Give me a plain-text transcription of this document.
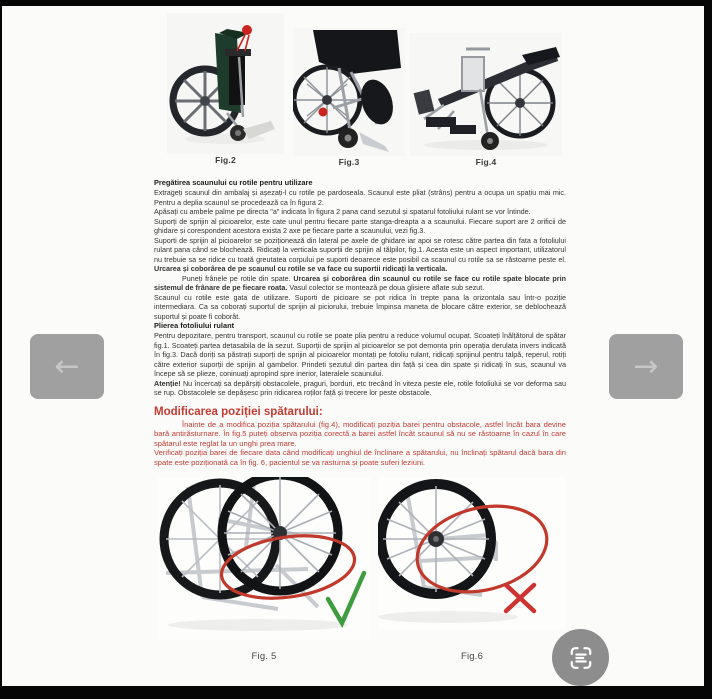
Fig.2	Fig.3	Fig.4
Pregătirea scaunului cu rotile pentru utilizare

Extrageți scaunul din ambalaj și așezați-l cu rotile pe pardoseala. Scaunul este pliat (strâns) pentru a ocupa un spațiu mai mic. Pentru a deplia scaunul se procedează ca în figura 2.

Apăsați cu ambele palme pe directa "a" indicata în figura 2 pana cand sezutul și spatarul fotoliului rulant se vor întinde.

Suporți de sprijin al picioarelor, este cate unul pentru fiecare parte stanga-dreapta a a scaunului. Fiecare suport are 2 orificii de ghidare și corespondent acestora exista 2 axe pe fiecare parte a scaunului, vezi fig.3.

Suporti de sprijin al picioarelor se poziționează din lateral pe axele de ghidare iar apoi se rotesc către partea din fata a fotoliului rulant pana când se blochează. Ridicați la verticala suporții de sprijin al tălpilor, fig.1. Acesta este un aspect important, utilizatorul nu trebuie sa se ridice cu toată greutatea corpului pe suporti deoarece este posibil ca scaunul cu rotile sa se răstoarne peste el. Urcarea și coborârea de pe scaunul cu rotile se va face cu suportii ridicați la verticala.

Puneți frânele pe rotile din spate. Urcarea și coborârea din scaunul cu rotile se face cu rotile spate blocate prin sistemul de frânare de pe fiecare roata. Vasul colector se montează pe doua glisiere aflate sub sezut.

Scaunul cu rotile este gata de utilizare. Suporti de picioare se pot ridica în trepte pana la orizontala sau într-o poziție intermediara. Ca sa coborați suportul de sprijin al piciorului, trebuie împinsa maneta de blocare către exterior, se deblochează suportul și poate fi coborât.

Plierea fotoliului rulant

Pentru depozitare, pentru transport, scaunul cu rotile se poate plia pentru a reduce volumul ocupat. Scoateți înălțătorul de spătar fig.1. Scoateți partea detasabila de la sezut. Suporții de sprijin al picioarelor se pot demonta prin operația derulata invers indicată în fig.3. Dacă doriți sa păstrați suporți de sprijin al picioarelor montați pe fotoliu rulant, ridicați sprijinul pentru talpă, reperul, rotiți către exterior suporții de sprijin al gambelor. Prindeti șezutul din partea din față și cea din spate și ridicați în sus, scaunul va începe să se plieze, coninuați apropind spre inerior, lateralele scaunului.

Atenție! Nu încercați sa depărșiți obstacolele, praguri, borduri, etc trecând în viteza peste ele, rotile fotoliului se vor deforma sau se rup. Obstacolele se depășesc prin ridicarea roților față și trecere lor peste obstacole.

Modificarea poziției spătarului:

Înainte de a modifica poziția spătarului (fig.4), modificați poziția barei pentru obstacole, astfel încât bara devine bară antirăsturnare. În fig.5 puteți observa poziția corectă a barei astfel încât scaunul să nu se răstoarne în cazul în care spătarul este reglat la un unghi prea mare.

Verificați poziția barei de fiecare data când modificați unghiul de înclinare a spătarului, nu înclinați spătarul dacă bara din spate este poziționată ca în fig. 6, pacientul se va rasturna și poate suferi leziuni.

Fig. 5	Fig.6
←	→
